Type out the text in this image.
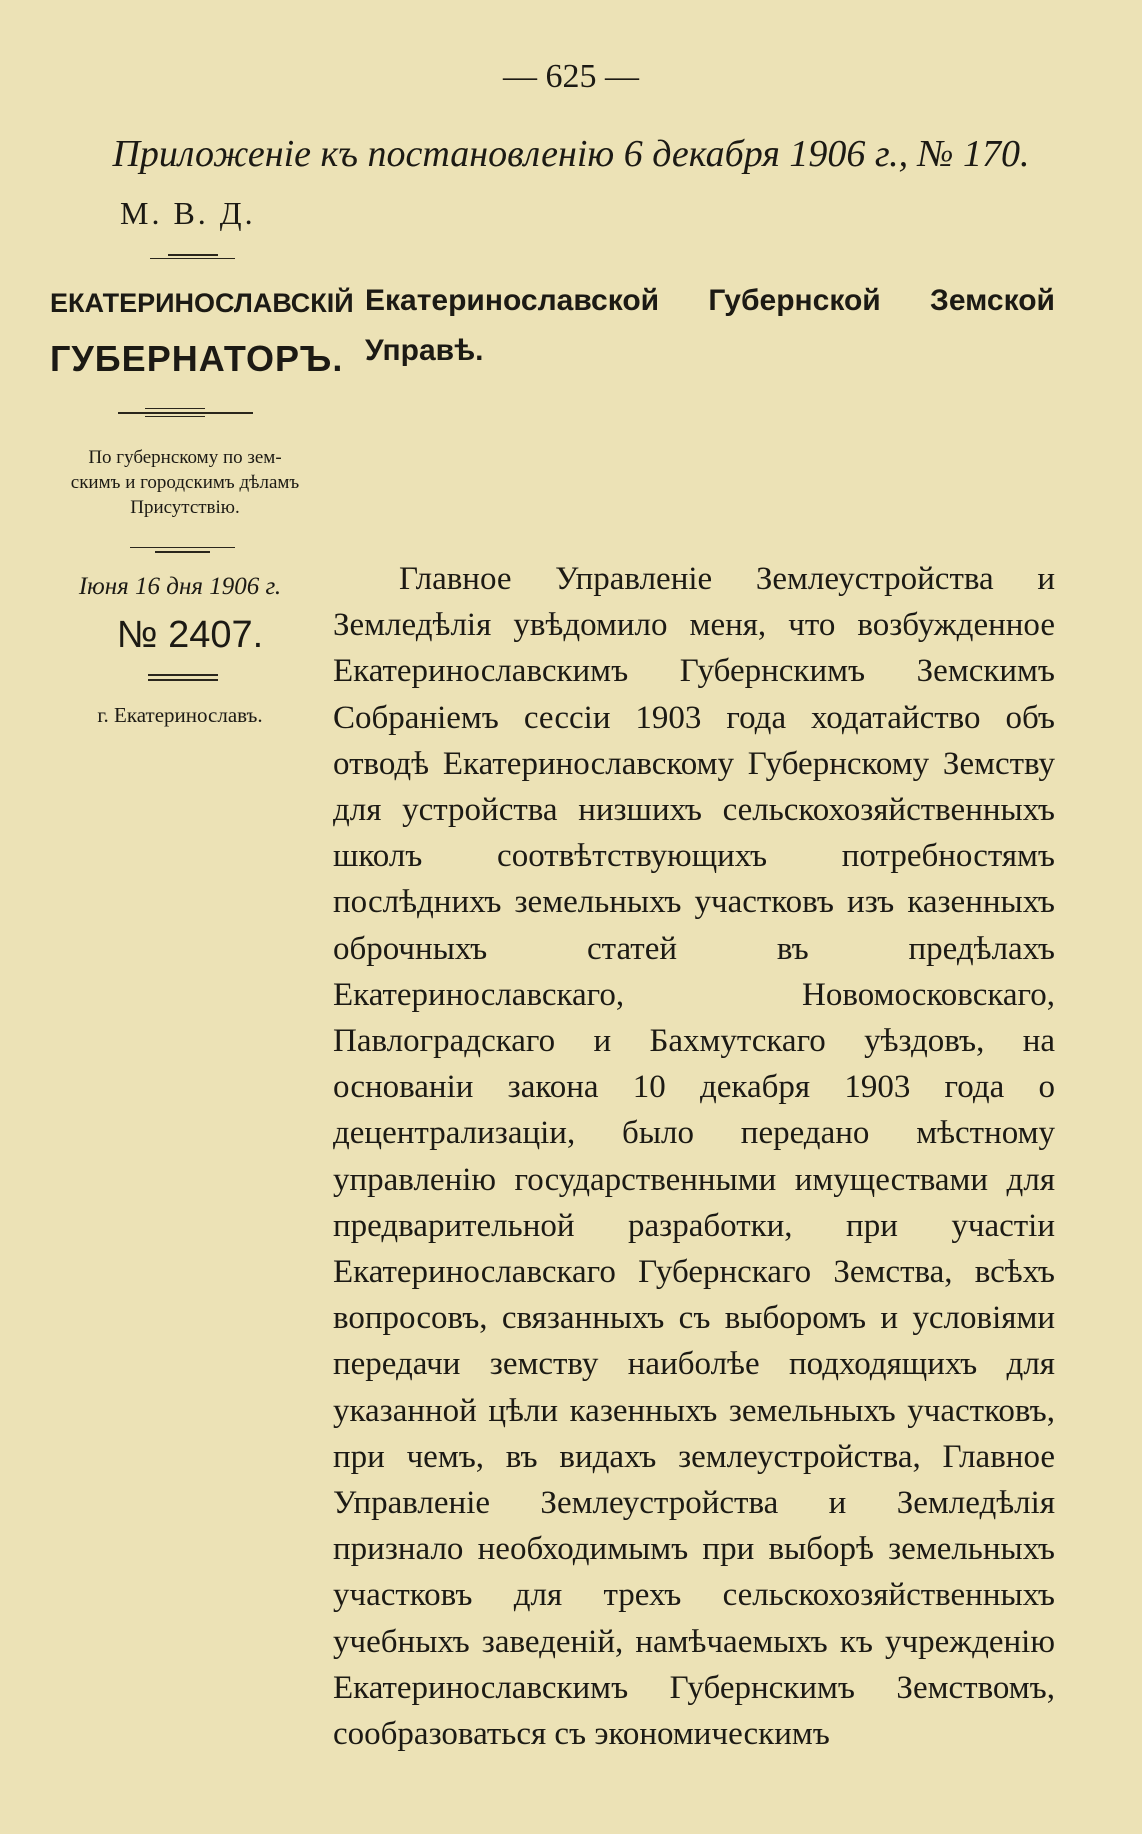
— 625 —
Приложеніе къ постановленію 6 декабря 1906 г., № 170.
М. В. Д.
ЕКАТЕРИНОСЛАВСКІЙ
ГУБЕРНАТОРЪ.
Екатеринославской Губернской Земской Управѣ.
По губернскому по зем-
скимъ и городскимъ дѣламъ
Присутствію.
Іюня 16 дня 1906 г.
№ 2407.
г. Екатеринославъ.
Главное Управленіе Землеустройства и Земледѣлія увѣдомило меня, что возбужденное Екатеринославскимъ Губернскимъ Земскимъ Собраніемъ сессіи 1903 года ходатайство объ отводѣ Екатеринославскому Губернскому Земству для устройства низшихъ сельскохозяйственныхъ школъ соотвѣтствующихъ потребностямъ послѣднихъ земельныхъ участковъ изъ казенныхъ оброчныхъ статей въ предѣлахъ Екатеринославскаго, Новомосковскаго, Павлоградскаго и Бахмутскаго уѣздовъ, на основаніи закона 10 декабря 1903 года о децентрализаціи, было передано мѣстному управленію государственными имуществами для предварительной разработки, при участіи Екатеринославскаго Губернскаго Земства, всѣхъ вопросовъ, связанныхъ съ выборомъ и условіями передачи земству наиболѣе подходящихъ для указанной цѣли казенныхъ земельныхъ участковъ, при чемъ, въ видахъ землеустройства, Главное Управленіе Землеустройства и Земледѣлія признало необходимымъ при выборѣ земельныхъ участковъ для трехъ сельскохозяйственныхъ учебныхъ заведеній, намѣчаемыхъ къ учрежденію Екатеринославскимъ Губернскимъ Земствомъ, сообразоваться съ экономическимъ
